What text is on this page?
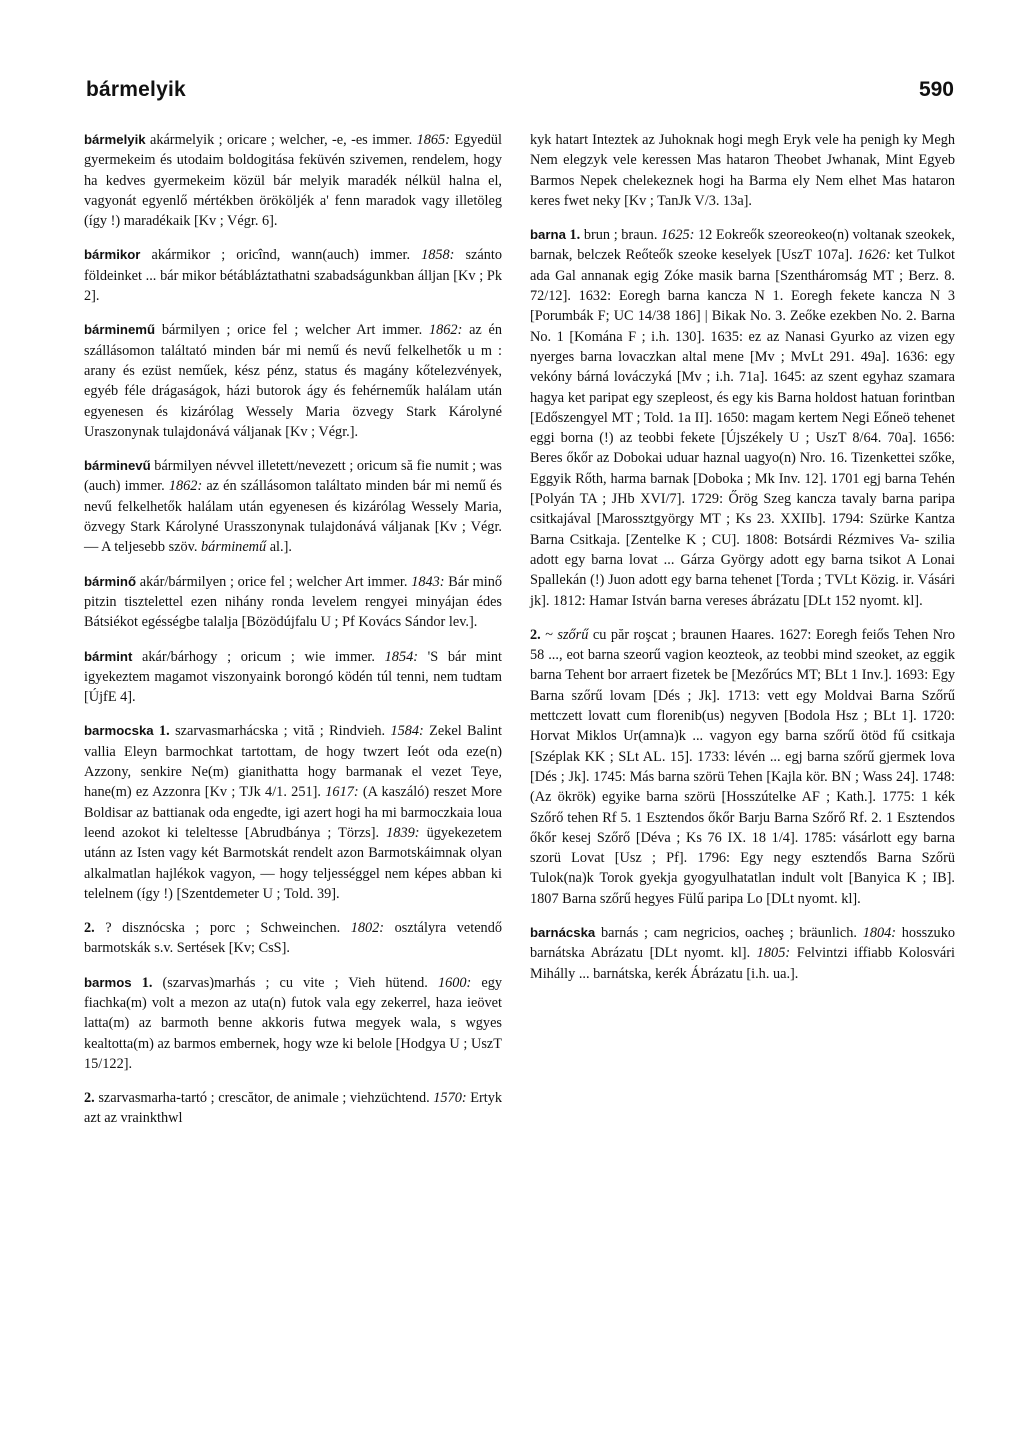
bármelyik	590
bármelyik akármelyik ; oricare ; welcher, -e, -es immer. 1865: Egyedül gyermekeim és utodaim boldogitása feküvén szivemen, rendelem, hogy ha kedves gyermekeim közül bár melyik maradék nélkül halna el, vagyonát egyenlő mértékben örököljék a' fenn maradok vagy illetöleg (így !) maradékaik [Kv ; Végr. 6].
bármikor akármikor ; oricînd, wann(auch) immer. 1858: szánto földeinket ... bár mikor bétábláztathatni szabadságunkban álljan [Kv ; Pk 2].
bárminemű bármilyen ; orice fel ; welcher Art immer. 1862: az én szállásomon találtató minden bár mi nemű és nevű felkelhetők u m : arany és ezüst neműek, kész pénz, status és magány kőtelezvények, egyéb féle drágaságok, házi butorok ágy és fehérneműk halálam után egyenesen és kizárólag Wessely Maria özvegy Stark Károlyné Uraszonynak tulajdonává váljanak [Kv ; Végr.].
bárminevű bármilyen névvel illetett/nevezett ; oricum să fie numit ; was (auch) immer. 1862: az én szállásomon találtato minden bár mi nemű és nevű felkelhetők halálam után egyenesen és kizárólag Wessely Maria, özvegy Stark Károlyné Urasszonynak tulajdonává váljanak [Kv ; Végr. — A teljesebb szöv. bárminemű al.].
bárminő akár/bármilyen ; orice fel ; welcher Art immer. 1843: Bár minő pitzin tisztelettel ezen nihány ronda levelem rengyei minyájan édes Bátsiékot egésségbe talalja [Bözödújfalu U ; Pf Kovács Sándor lev.].
bármint akár/bárhogy ; oricum ; wie immer. 1854: 'S bár mint igyekeztem magamot viszonyaink borongó ködén túl tenni, nem tudtam [ÚjfE 4].
barmocska 1. szarvasmarhácska ; vită ; Rindvieh. 1584: Zekel Balint vallia Eleyn barmochkat tartottam, de hogy twzert Ieót oda eze(n) Azzony, senkire Ne(m) gianithatta hogy barmanak el vezet Teye, hane(m) ez Azzonra [Kv ; TJk 4/1. 251]. 1617: (A kaszáló) reszet More Boldisar az battianak oda engedte, igi azert hogi ha mi barmoczkaia loua leend azokot ki teleltesse [Abrudbánya ; Törzs]. 1839: ügyekezetem utánn az Isten vagy két Barmotskát rendelt azon Barmotskáimnak olyan alkalmatlan hajlékok vagyon, — hogy teljességgel nem képes abban ki telelnem (így !) [Szentdemeter U ; Told. 39].
2. ? disznócska ; porc ; Schweinchen. 1802: osztályra vetendő barmotskák s.v. Sertések [Kv; CsS].
barmos 1. (szarvas)marhás ; cu vite ; Vieh hütend. 1600: egy fiachka(m) volt a mezon az uta(n) futok vala egy zekerrel, haza ieövet latta(m) az barmoth benne akkoris futwa megyek wala, s wgyes kealtotta(m) az barmos embernek, hogy wze ki belole [Hodgya U ; UszT 15/122].
2. szarvasmarha-tartó ; crescător, de animale ; viehzüchtend. 1570: Ertyk azt az vrainkthwl
kyk hatart Inteztek az Juhoknak hogi megh Eryk vele ha penigh ky Megh Nem elegzyk vele keressen Mas hataron Theobet Jwhanak, Mint Egyeb Barmos Nepek chelekeznek hogi ha Barma ely Nem elhet Mas hataron keres fwet neky [Kv ; TanJk V/3. 13a].
barna 1. brun ; braun. 1625: 12 Eokreők szeoreokeo(n) voltanak szeokek, barnak, belczek Reőteők szeoke keselyek [UszT 107a]. 1626: ket Tulkot ada Gal annanak egig Zóke masik barna [Szentháromság MT ; Berz. 8. 72/12]. 1632: Eoregh barna kancza N 1. Eoregh fekete kancza N 3 [Porumbák F; UC 14/38 186] | Bikak No. 3. Zeőke ezekben No. 2. Barna No. 1 [Komána F ; i.h. 130]. 1635: ez az Nanasi Gyurko az vizen egy nyerges barna lovaczkan altal mene [Mv ; MvLt 291. 49a]. 1636: egy vekóny bárná lováczyká [Mv ; i.h. 71a]. 1645: az szent egyhaz szamara hagya ket paripat egy szepleost, és egy kis Barna holdost hatuan forintban [Edőszengyel MT ; Told. 1a II]. 1650: magam kertem Negi Eőneö tehenet eggi borna (!) az teobbi fekete [Újszékely U ; UszT 8/64. 70a]. 1656: Beres őkőr az Dobokai uduar haznal uagyo(n) Nro. 16. Tizenkettei szőke, Eggyik Rőth, harma barnak [Doboka ; Mk Inv. 12]. 1701 egj barna Tehén [Polyán TA ; JHb XVI/7]. 1729: Őrög Szeg kancza tavaly barna paripa csitkajával [Marossztgyörgy MT ; Ks 23. XXIIb]. 1794: Szürke Kantza Barna Csitkaja. [Zentelke K ; CU]. 1808: Botsárdi Rézmives Va- szilia adott egy barna lovat ... Gárza György adott egy barna tsikot A Lonai Spallekán (!) Juon adott egy barna tehenet [Torda ; TVLt Közig. ir. Vásári jk]. 1812: Hamar István barna vereses ábrázatu [DLt 152 nyomt. kl].
2. ~ szőrű cu păr roşcat ; braunen Haares. 1627: Eoregh feiős Tehen Nro 58 ..., eot barna szeorű vagion keozteok, az teobbi mind szeoket, az eggik barna Tehent bor arraert fizetek be [Mezőrúcs MT; BLt 1 Inv.]. 1693: Egy Barna szőrű lovam [Dés ; Jk]. 1713: vett egy Moldvai Barna Szőrű mettczett lovatt cum florenib(us) negyven [Bodola Hsz ; BLt 1]. 1720: Horvat Miklos Ur(amna)k ... vagyon egy barna szőrű ötöd fű csitkaja [Széplak KK ; SLt AL. 15]. 1733: lévén ... egj barna szőrű gjermek lova [Dés ; Jk]. 1745: Más barna szörü Tehen [Kajla kör. BN ; Wass 24]. 1748: (Az ökrök) egyike barna szörü [Hosszútelke AF ; Kath.]. 1775: 1 kék Szőrő tehen Rf 5. 1 Esztendos őkőr Barju Barna Szőrő Rf. 2. 1 Esztendos őkőr kesej Szőrő [Déva ; Ks 76 IX. 18 1/4]. 1785: vásárlott egy barna szorü Lovat [Usz ; Pf]. 1796: Egy negy esztendős Barna Szőrü Tulok(na)k Torok gyekja gyogyulhatatlan indult volt [Banyica K ; IB]. 1807 Barna szőrű hegyes Fülű paripa Lo [DLt nyomt. kl].
barnácska barnás ; cam negricios, oacheş ; bräunlich. 1804: hosszuko barnátska Abrázatu [DLt nyomt. kl]. 1805: Felvintzi iffiabb Kolosvári Mihálly ... barnátska, kerék Ábrázatu [i.h. ua.].
